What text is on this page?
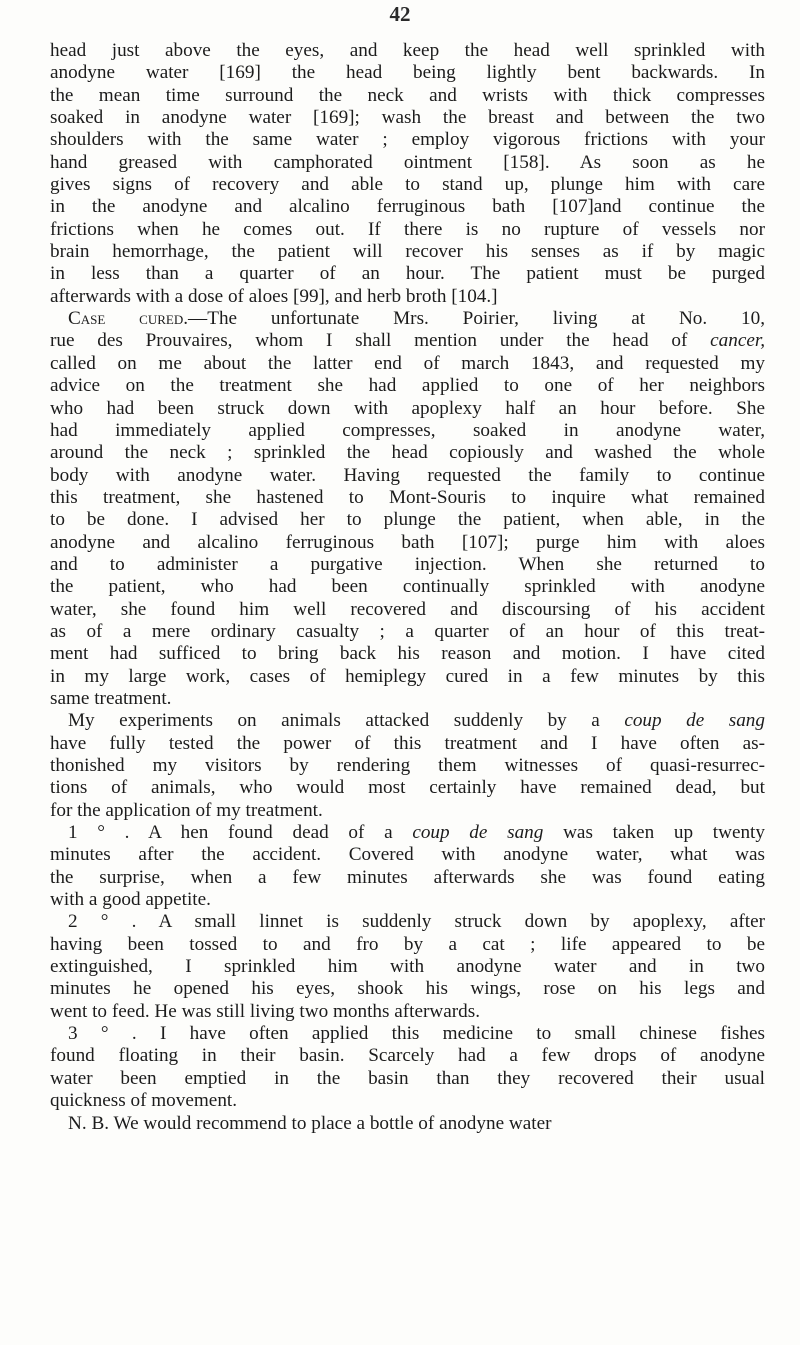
42
head just above the eyes, and keep the head well sprinkled with
anodyne water [169] the head being lightly bent backwards. In
the mean time surround the neck and wrists with thick compresses
soaked in anodyne water [169]; wash the breast and between the two
shoulders with the same water ; employ vigorous frictions with your
hand greased with camphorated ointment [158]. As soon as he
gives signs of recovery and able to stand up, plunge him with care
in the anodyne and alcalino ferruginous bath [107]and continue the
frictions when he comes out. If there is no rupture of vessels nor
brain hemorrhage, the patient will recover his senses as if by magic
in less than a quarter of an hour. The patient must be purged
afterwards with a dose of aloes [99], and herb broth [104.]
Case cured.—The unfortunate Mrs. Poirier, living at No. 10,
rue des Prouvaires, whom I shall mention under the head of cancer,
called on me about the latter end of march 1843, and requested my
advice on the treatment she had applied to one of her neighbors
who had been struck down with apoplexy half an hour before. She
had immediately applied compresses, soaked in anodyne water,
around the neck ; sprinkled the head copiously and washed the whole
body with anodyne water. Having requested the family to continue
this treatment, she hastened to Mont-Souris to inquire what remained
to be done. I advised her to plunge the patient, when able, in the
anodyne and alcalino ferruginous bath [107]; purge him with aloes
and to administer a purgative injection. When she returned to
the patient, who had been continually sprinkled with anodyne
water, she found him well recovered and discoursing of his accident
as of a mere ordinary casualty ; a quarter of an hour of this treat-
ment had sufficed to bring back his reason and motion. I have cited
in my large work, cases of hemiplegy cured in a few minutes by this
same treatment.
My experiments on animals attacked suddenly by a coup de sang
have fully tested the power of this treatment and I have often as-
thonished my visitors by rendering them witnesses of quasi-resurrec-
tions of animals, who would most certainly have remained dead, but
for the application of my treatment.
1 ° . A hen found dead of a coup de sang was taken up twenty
minutes after the accident. Covered with anodyne water, what was
the surprise, when a few minutes afterwards she was found eating
with a good appetite.
2 ° . A small linnet is suddenly struck down by apoplexy, after
having been tossed to and fro by a cat ; life appeared to be
extinguished, I sprinkled him with anodyne water and in two
minutes he opened his eyes, shook his wings, rose on his legs and
went to feed. He was still living two months afterwards.
3 ° . I have often applied this medicine to small chinese fishes
found floating in their basin. Scarcely had a few drops of anodyne
water been emptied in the basin than they recovered their usual
quickness of movement.
N. B. We would recommend to place a bottle of anodyne water
